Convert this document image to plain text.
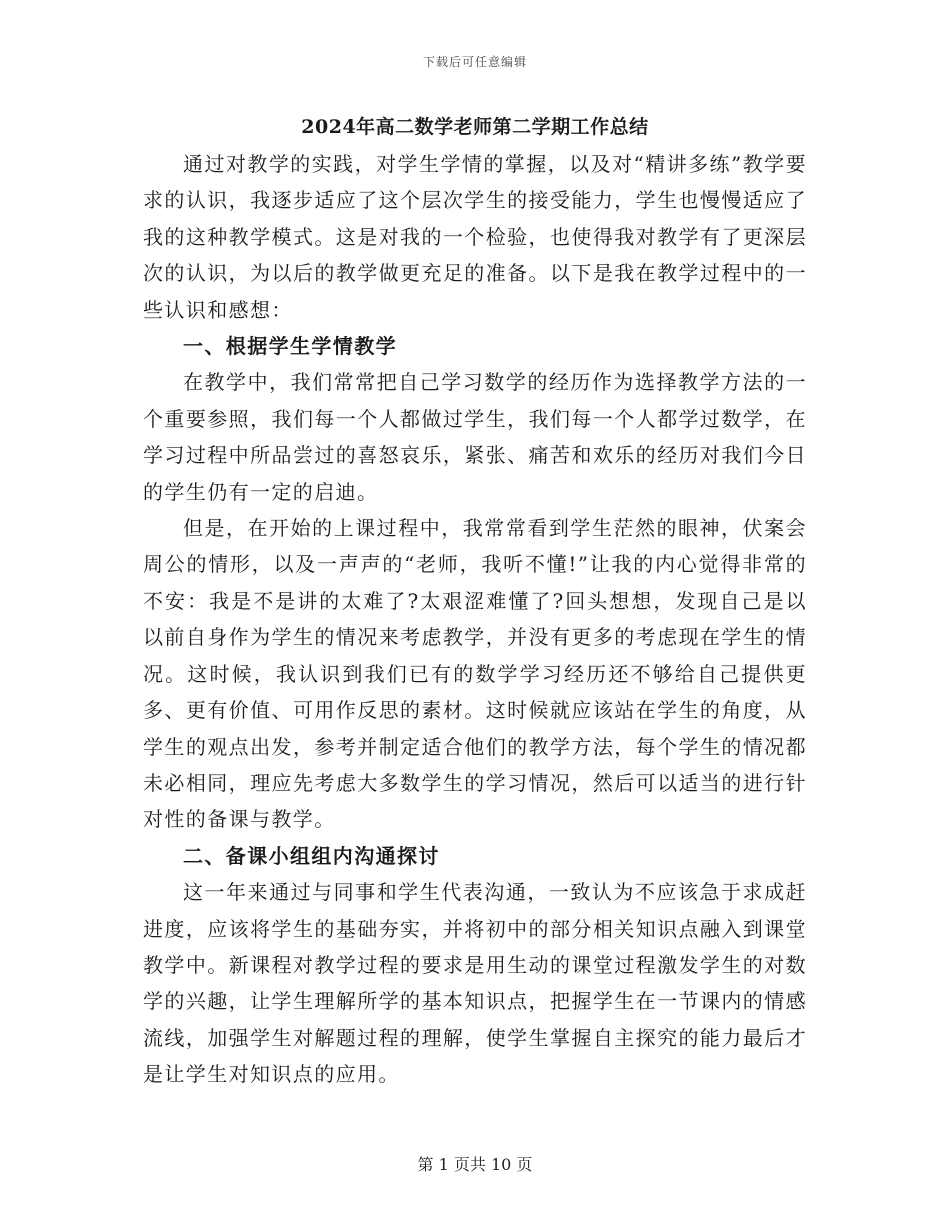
下载后可任意编辑
2024年高二数学老师第二学期工作总结

通过对教学的实践，对学生学情的掌握，以及对“精讲多练”教学要求的认识，我逐步适应了这个层次学生的接受能力，学生也慢慢适应了我的这种教学模式。这是对我的一个检验，也使得我对教学有了更深层次的认识，为以后的教学做更充足的准备。以下是我在教学过程中的一些认识和感想：

一、根据学生学情教学

在教学中，我们常常把自己学习数学的经历作为选择教学方法的一个重要参照，我们每一个人都做过学生，我们每一个人都学过数学，在学习过程中所品尝过的喜怒哀乐，紧张、痛苦和欢乐的经历对我们今日的学生仍有一定的启迪。

但是，在开始的上课过程中，我常常看到学生茫然的眼神，伏案会周公的情形，以及一声声的“老师，我听不懂!”让我的内心觉得非常的不安：我是不是讲的太难了?太艰涩难懂了?回头想想，发现自己是以以前自身作为学生的情况来考虑教学，并没有更多的考虑现在学生的情况。这时候，我认识到我们已有的数学学习经历还不够给自己提供更多、更有价值、可用作反思的素材。这时候就应该站在学生的角度，从学生的观点出发，参考并制定适合他们的教学方法，每个学生的情况都未必相同，理应先考虑大多数学生的学习情况，然后可以适当的进行针对性的备课与教学。

二、备课小组组内沟通探讨

这一年来通过与同事和学生代表沟通，一致认为不应该急于求成赶进度，应该将学生的基础夯实，并将初中的部分相关知识点融入到课堂教学中。新课程对教学过程的要求是用生动的课堂过程激发学生的对数学的兴趣，让学生理解所学的基本知识点，把握学生在一节课内的情感流线，加强学生对解题过程的理解，使学生掌握自主探究的能力最后才是让学生对知识点的应用。

第 1 页共 10 页
